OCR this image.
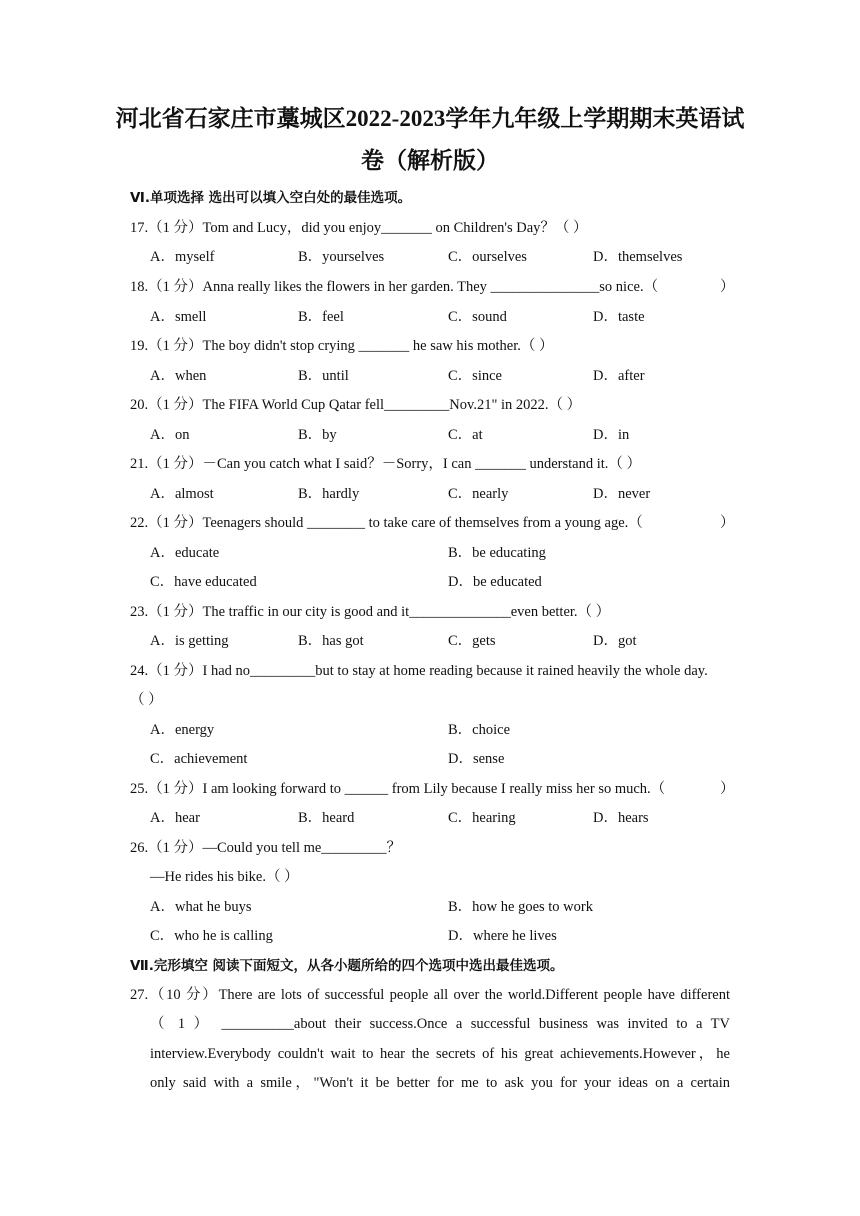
河北省石家庄市藁城区2022-2023学年九年级上学期期末英语试
卷（解析版）
Ⅵ.单项选择 选出可以填入空白处的最佳选项。
17.（1 分）Tom and Lucy，did you enjoy_______ on Children's Day？（ ）
A．myself	B．yourselves	C．ourselves	D．themselves
18.（1 分）Anna really likes the flowers in her garden. They _______________so nice.（	）
A．smell	B．feel	C．sound	D．taste
19.（1 分）The boy didn't stop crying _______ he saw his mother.（ ）
A．when	B．until	C．since	D．after
20.（1 分）The FIFA World Cup Qatar fell_________Nov.21" in 2022.（ ）
A．on	B．by	C．at	D．in
21.（1 分）－Can you catch what I said？－Sorry，I can _______ understand it.（ ）
A．almost	B．hardly	C．nearly	D．never
22.（1 分）Teenagers should ________ to take care of themselves from a young age.（	）
A．educate	B．be educating
C．have educated	D．be educated
23.（1 分）The traffic in our city is good and it______________even better.（ ）
A．is getting	B．has got	C．gets	D．got
24.（1 分）I had no_________but to stay at home reading because it rained heavily the whole day.
（ ）
A．energy	B．choice
C．achievement	D．sense
25.（1 分）I am looking forward to ______ from Lily because I really miss her so much.（	）
A．hear	B．heard	C．hearing	D．hears
26.（1 分）—Could you tell me_________？
—He rides his bike.（ ）
A．what he buys	B．how he goes to work
C．who he is calling	D．where he lives
Ⅶ.完形填空 阅读下面短文，从各小题所给的四个选项中选出最佳选项。
27.（10 分）There are lots of successful people all over the world.Different people have different
（ 1 ） __________about their success.Once a successful business was invited to a TV
interview.Everybody couldn't wait to hear the secrets of his great achievements.However，he
only said with a smile，"Won't it be better for me to ask you for your ideas on a certain
